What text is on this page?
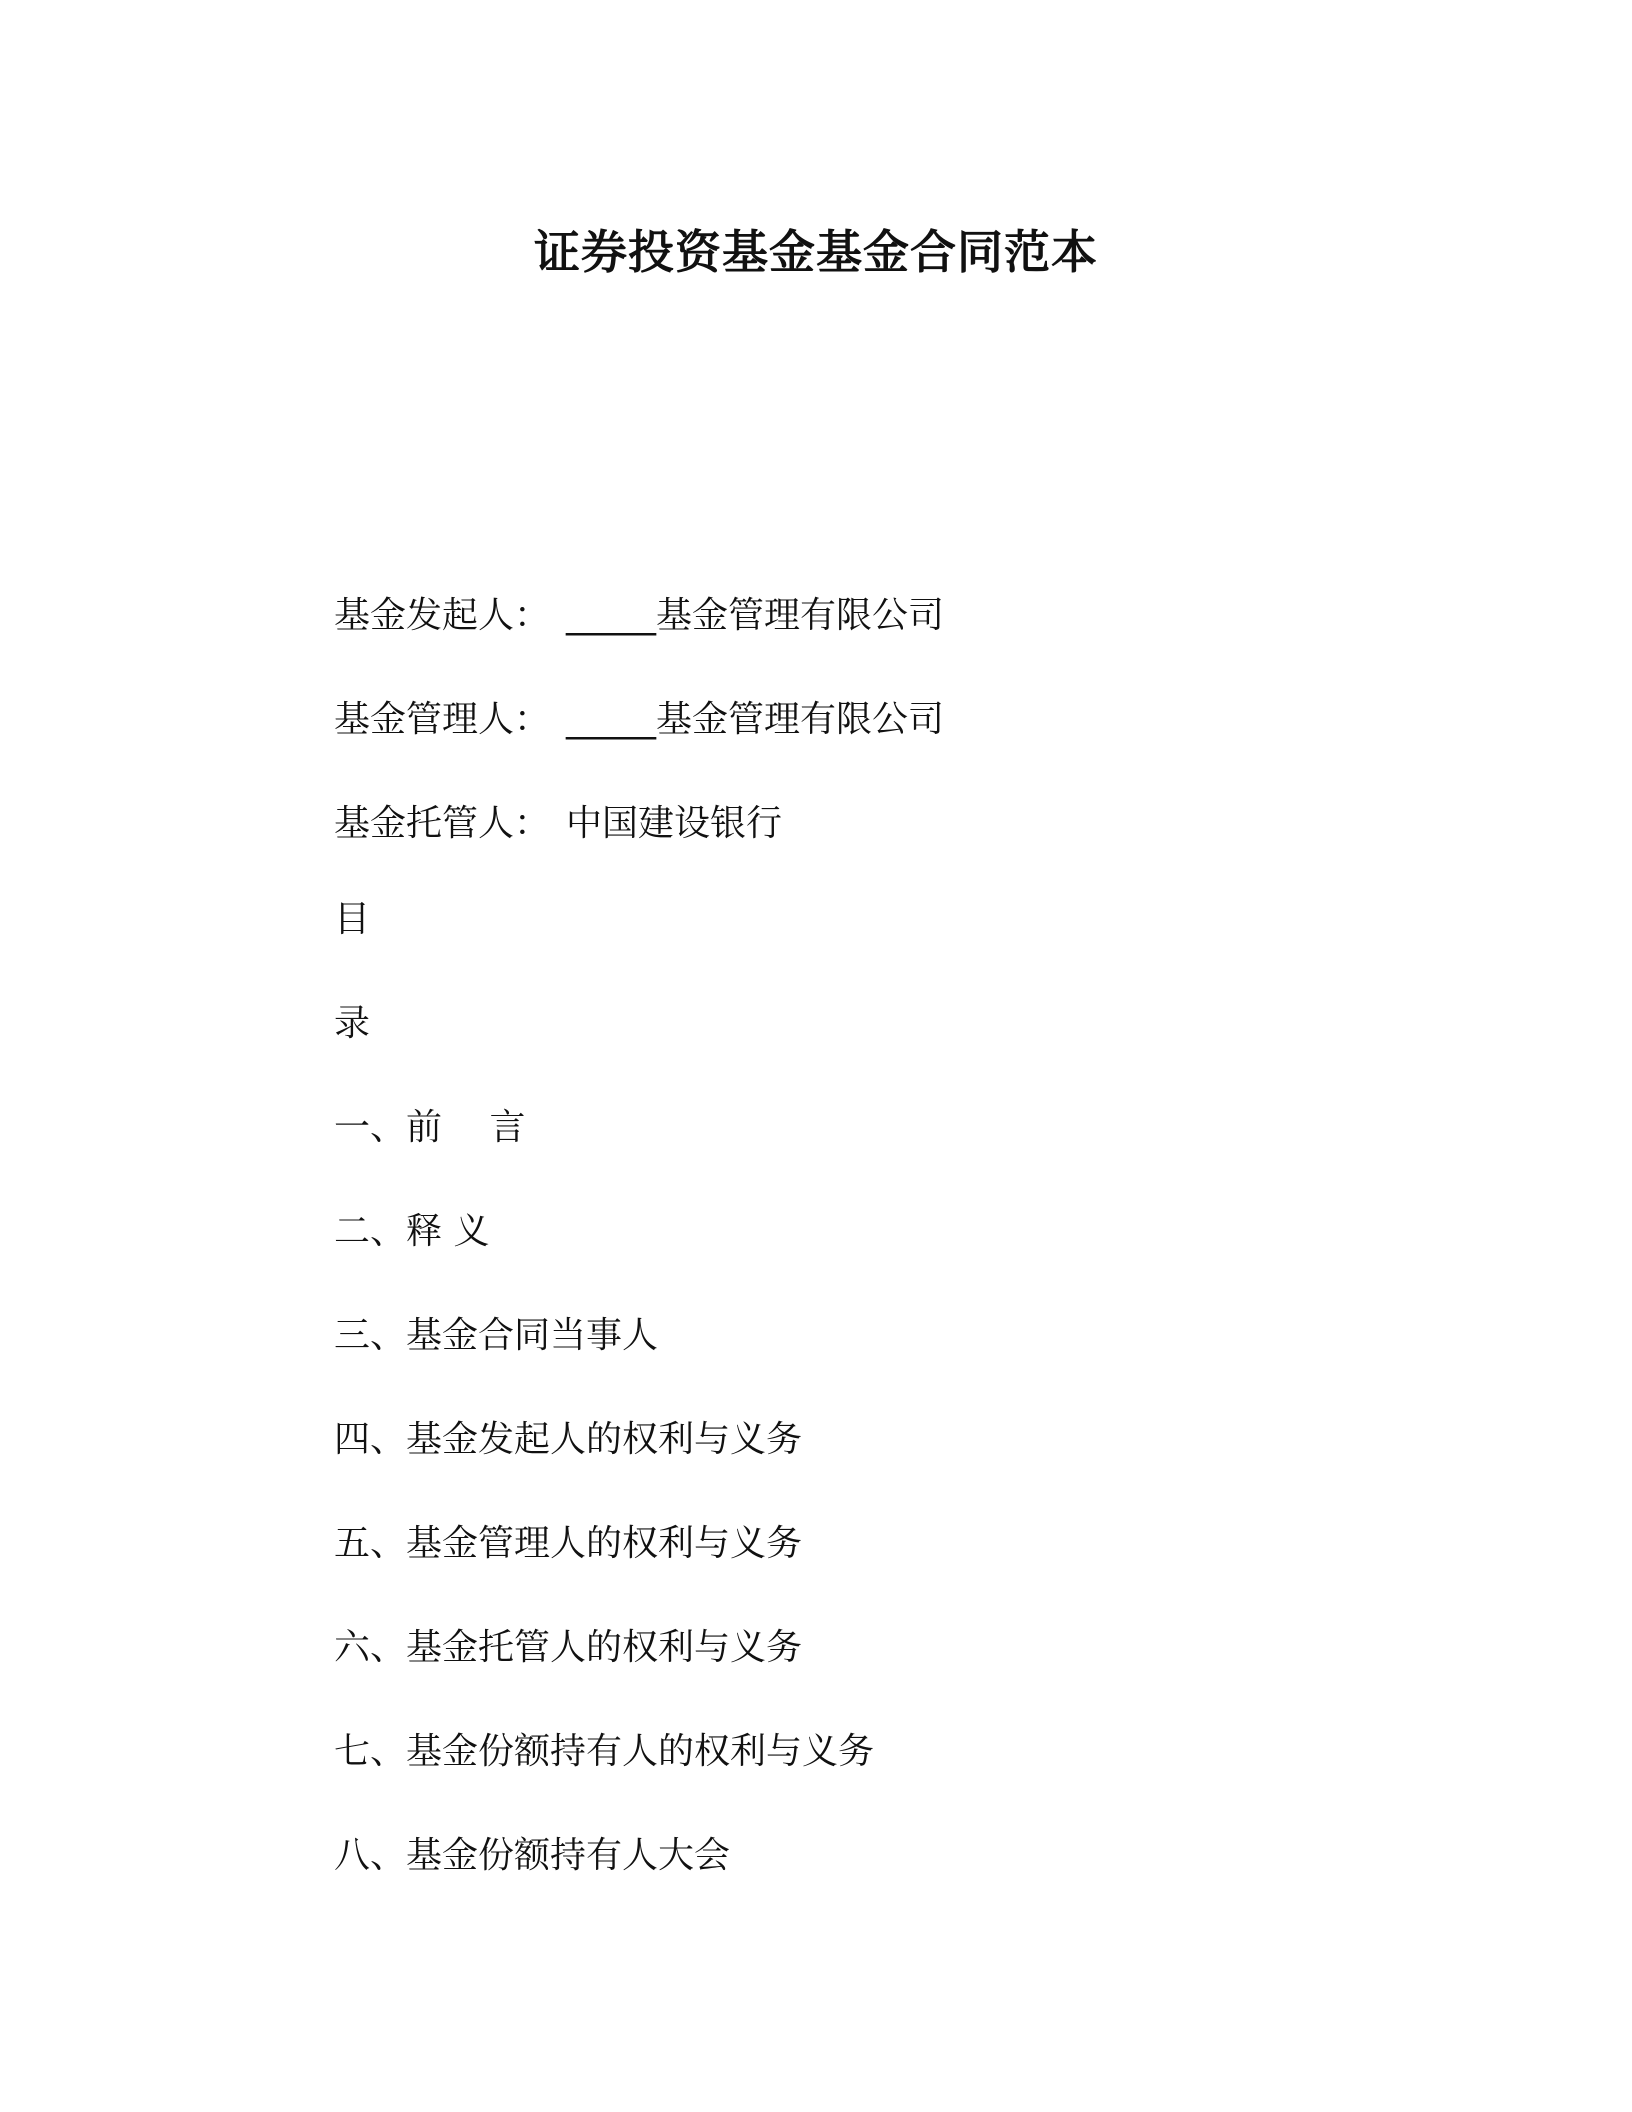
证券投资基金基金合同范本
基金发起人： _____基金管理有限公司
基金管理人： _____基金管理有限公司
基金托管人： 中国建设银行
目
录
一、前　 言
二、释 义
三、基金合同当事人
四、基金发起人的权利与义务
五、基金管理人的权利与义务
六、基金托管人的权利与义务
七、基金份额持有人的权利与义务
八、基金份额持有人大会
